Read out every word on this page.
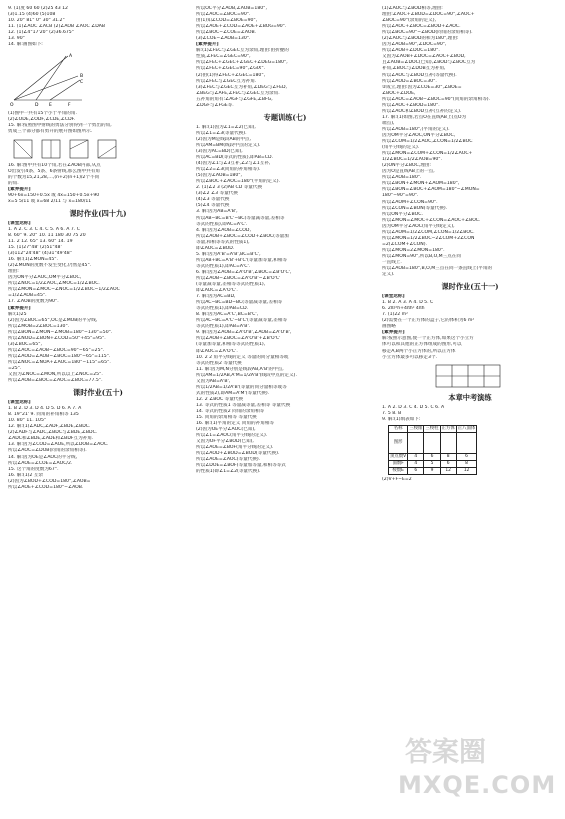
9. (1)度 60 60 (2)25 43 12
(3)1.15 (4)60 (5)108
10. 20° 81° 0° 30° 31.2°
11. (1)∠AOC ∠ACB (2)∠AOB ∠AOC ∠DAB
12. (1)∠4°17'20" (2)36.675°
13. 90°
14. 解:画图如下:
A
B
C
D E	F
O
(1)图中一共有15个小于平角的角.
(2)∠ODE,∠ODF,∠CDE,∠CDF.
15. 解:按照图中射线的剪法分别得到一个剪出的角,
剪成三个部分都有剪开的展开图如图所示.
16. 解:图中共有10个角,若在∠AOB内部,从点
O出发引4条、5条、6条射线,那么图中共有角
的个数为15,21,28,…,(n+2)(n+1)/2个不同
的角.
[素养提升]
90+6x=150+0.5x 或 4x=150+0.5x+90
x=5 5/11 或 x=68 2/11 与 x=180/11
课时作业(四十九)
[课堂达标]
1. A 2. C 3. C 4. C 5. A 6. A 7. C
8. 60° 9. 20° 10. 11 180 30 75 20
11. 2 12. 65° 13. 60° 14. 19
15. (1)27°48' (2)51°48'
(3)112°24'48" (4)31°49'48"
16. 解:(1)∠MON=45°.
(2)∠MON的度数不发生变化,仍然是45°.
理由:
因为ON平分∠AOC,OM平分∠BOC,
所以∠NOC=1/2∠AOC,∠MOC=1/2∠BOC.
所以∠MON=∠MOC−∠NOC=1/2∠BOC−1/2∠AOC
=1/2∠AOB=45°.
17. ∠AOB的度数为90°.
[素养提升]
解:(1)25
(2)因为∠BOC=65°,OC是∠MOB的平分线,
所以∠MOB=2∠BOC=130°.
所以∠BON=∠MON−∠MOB=180°−130°=50°.
所以∠NOD=∠BON+∠COD=50°+45°=95°.
(3)∠BOC=65°,
所以∠AOC=∠AOB−∠BOC=90°−65°=25°.
所以∠AOD=∠AOB−∠BOC=180°−65°=115°.
所以∠NOC=∠NOA+∠AOC=180°−115°=65°.
=25°.
又因为∠NOC=∠MON,所以以上∠NOC=25°.
所以∠AOB=∠BOC=∠AOC=∠BOC=77.5°.
课时作业(五十)
[课堂达标]
1. B 2. D 3. D 4. D 5. D 6. A 7. A
8. 19°21' 9. 同角的补角相等 135
10. 80° 11. 105°
12. 解:(1)∠ADC,∠ADF,∠BDE,∠BDC.
(2)∠ADF与∠ADC,∠BDC与∠BDE,∠BDC.
∠ADC和∠BDE,∠ADE和∠BDF互为补角.
13. 解:因为∠COD=∠AOE,所以∠DOB=∠AOC.
所以∠AOC=∠DOB(同角的余角相等).
14. 解:因为OE是∠AOC的平分线,
所以∠AOE=∠COE=∠AOC/2.
15. 这个角的度数为67°.
16. 解:(1)2 互余
(2)因为∠BOD+∠COD=180°,∠AOB=
所以∠AOE+∠COD=180°−∠AOB.
所以OC平分∠AOB,∠AOB=180°,
所以∠AOC=∠BOC=90°.
由(1)知∠COD=∠BOE=90°,
所以∠AOE+∠COD=∠AOE+∠BOG=90°.
所以∠BOC−∠COE=∠AOB.
(3)∠COE−∠AOB=130°.
[素养提升]
解:(1)∠FEC与∠GEC互为余角,理由:由折叠的
性质,∠FEC=∠GEC=90°,
所以∠FEC+∠GEC+∠GEC+∠DEG=180°,
所以∠FEC+∠GEC=90°,∠GIX°.
(2)由(1)得∠FEC+∠GEC=180°,
所以∠FEC与∠GEC互为补角.
(3)∠FEC与∠GEC互为补角,∠DEG与∠FED,
∠BEG与∠AFE,∠FEC与∠GEC互为余角.
五补角的角有:∠AGF与∠GFE,∠BFG,
∠DGF与∠FGE等.
专题训练(七)
1. 解:(1)因为∠1=∠2(已知),
所以∠1=∠3(等量代换).
(2)因为M是线段AB的中点,
所以AM=BM(线段中点的定义).
(3)因为AC=BD(已知),
所以AC=BD(等式的性质),即AB=CD.
(4)因为∠1与∠3互补,∠2与∠1互补,
所以∠2=∠3(同角的补角相等).
(5)因为∠AOB=180°,
所以∠BOC+∠AOC=180°(平角的定义).
2. (1)∠2 3 (2)AB CD 等量代换
(3)∠2 ∠3 等量代换
(4)∠3 等量代换
(5)∠4 等量代换
3. 解:因为AB=A'B',
所以AB−BC=B'C'−BC(等量减等量,差相等
等式的性质),即AC=A'C'.
4. 解:因为∠AOB=∠COD,
所以∠AOB+∠BOC=∠COD+∠BOC(等量加
等量,和相等等式的性质1),
即∠AOC=∠BOD.
5. 解:因为A'B'=A'B',BC=B'C',
所以AB+BC=A'B'+B'C'(等量加等量,和相等
等式的性质1),即AC=A'C'.
6. 解:因为∠AOB=∠A'O'B',∠BOC=∠B'O'C',
所以∠AOB−∠BOC=∠A'O'B'−∠B'O'C'
(等量减等量,差相等等式的性质1),
即∠AOC=∠A'O'C'.
7. 解:因为AC=BD,
所以AC−BC=BD−BC(等量减等量,差相等
等式的性质1),即AB=CD.
8. 解:因为AC=A'C',BC=B'C',
所以AC−BC=A'C'−B'C'(等量减等量,差相等
等式的性质1),即AB=A'B'.
9. 解:因为∠AOB=∠A'O'B',∠AOB=∠A'O'B',
所以∠AOB+∠BOC=∠A'O'B'+∠B'O'C'
(等量加等量,和相等等式的性质1),
即∠AOC=∠A'O'C'.
10. 2 2 角平分线的定义 等量的同分量相等或
等式的性质2 等量代换
11. 解:因为M,N分别是线段AB,A'B'的中点,
所以AM=1/2AB,A'M=1/2A'B'(线段中点的定义).
又因为AB=A'B',
所以1/2AB=1/2A'B'(等量的同分量相等或等
式的性质2),即AM=A'M'(等量代换).
12. 2 ∠BOC 等量代换
13. 等式的性质1 等量减等量,差相等 等量代换
14. 等式的性质2 同角的余角相等
15. 同角的余角相等 等量代换
16. 解:(1)平角的定义 同角的补角相等
(2)因为OE平分∠AOC(已知),
所以∠1=∠AOC(角平分线的定义).
又因为OF平分∠BOD(已知),
所以∠AOE=∠BOF(角平分线的定义).
所以∠AOD+∠BOD=∠BOD(等量代换).
所以∠AOE=∠AOC(等量代换).
所以∠DOE=∠BOF(等量加等量,和相等等式
的性质1)即∠1=∠2(等量代换).
(1)∠AOC与∠BOD相等,理由:
理由:∠AOC+∠BOD=∠DOC=90°,∠AOC+
∠BOC=90°(余角的定义),
所以∠AOC+∠BOC=∠BOD+∠AOC.
所以∠BOC=90°−∠BOD(同角的余角相等).
(2)∠AOC与∠BOD的和为180°,理由:
因为∠AOB=90°,∠DOC=90°,
所以∠AOB+∠DOC=180°.
又因为∠AOB+∠DOC=∠AOC+∠BOD,
且∠AOB=∠DOC(已知),∠BOD与∠BOC互为
补角,∠BOC与∠DOB互为补角,
所以∠AOC与∠BOD互补(等量代换).
所以∠AOD=∠BOC=30°.
②成立,理由:因为∠COE=30°,∠BOE=
∠BOC+∠DOE,
所以∠AOC=∠AOB−∠BOC=90°(同角的余角相等).
所以∠AOC+∠BOD=180°.
所以∠AOC和∠BOD互补(互补的定义).
17. 解:(1)如图,若点O在直线AB上(点O为
端点),
所以∠AOB=180°,(平角的定义).
因为OM平分∠AOC,ON平分∠BOC,
所以∠COM=1/2∠AOC,∠CON=1/2∠BOC
(角平分线的定义).
所以∠MON=∠COM+∠CON=1/2∠AOC+
1/2∠BOC=1/2∠AOB=90°.
(2)ON平分∠BOC,理由:
因为O是直线AB上的一点,
所以∠AOB=180°.
所以∠BON+∠MON+∠AOM=180°,
所以∠BON=∠BOC+∠AOM=180°−∠MON=
180°−90°=90°.
所以∠AOM+∠CON=90°.
所以∠CON=∠BON(等量代换).
所以ON平分∠BOC.
所以∠MON=∠MOC+∠CON=∠AOC+∠BOC.
因为OM平分∠AOC(角平分线定义),
所以∠AOM=1/2∠COM,∠CON=1/2∠BOC.
所以∠MON=1/2∠BOC−2∠COM+2∠CON
=2(∠COM+∠CON).
所以∠MON=2∠MON=180°.
所以∠MON=90°,所以B,O,M三点在同
一直线上.
所以∠AOB=180°,B,O,M三点在同一条直线上(平角的
定义).
课时作业(五十一)
[课堂达标]
1. B 2. A 3. A 4. D 5. C
6. 2πr²h+4πh² 4πh
7. (1)22 m²
(2)需要在一个正方体的盒子,它的体积为6 m²
画图略
[素养提升]
解:按照示意图,使一个正方体,如果这个小立方
体可以和其他的正方体组成的图形,可以
移走A,B两个小正方体的,所以正方体
小立方体最多可以移走3个.
本章中考演练
1. A 2. D 3. C 4. D 5. C 6. A
7. 5 8. B
9. 解:(1)填表如下:
名称	三棱锥	三棱柱	正方体	正八面体
图形				
顶点数V	4	6	8	6
面数F	4	5	6	8
棱数E	6	9	12	12
(2)V+F−E=2
答案圈
MXQE.COM
